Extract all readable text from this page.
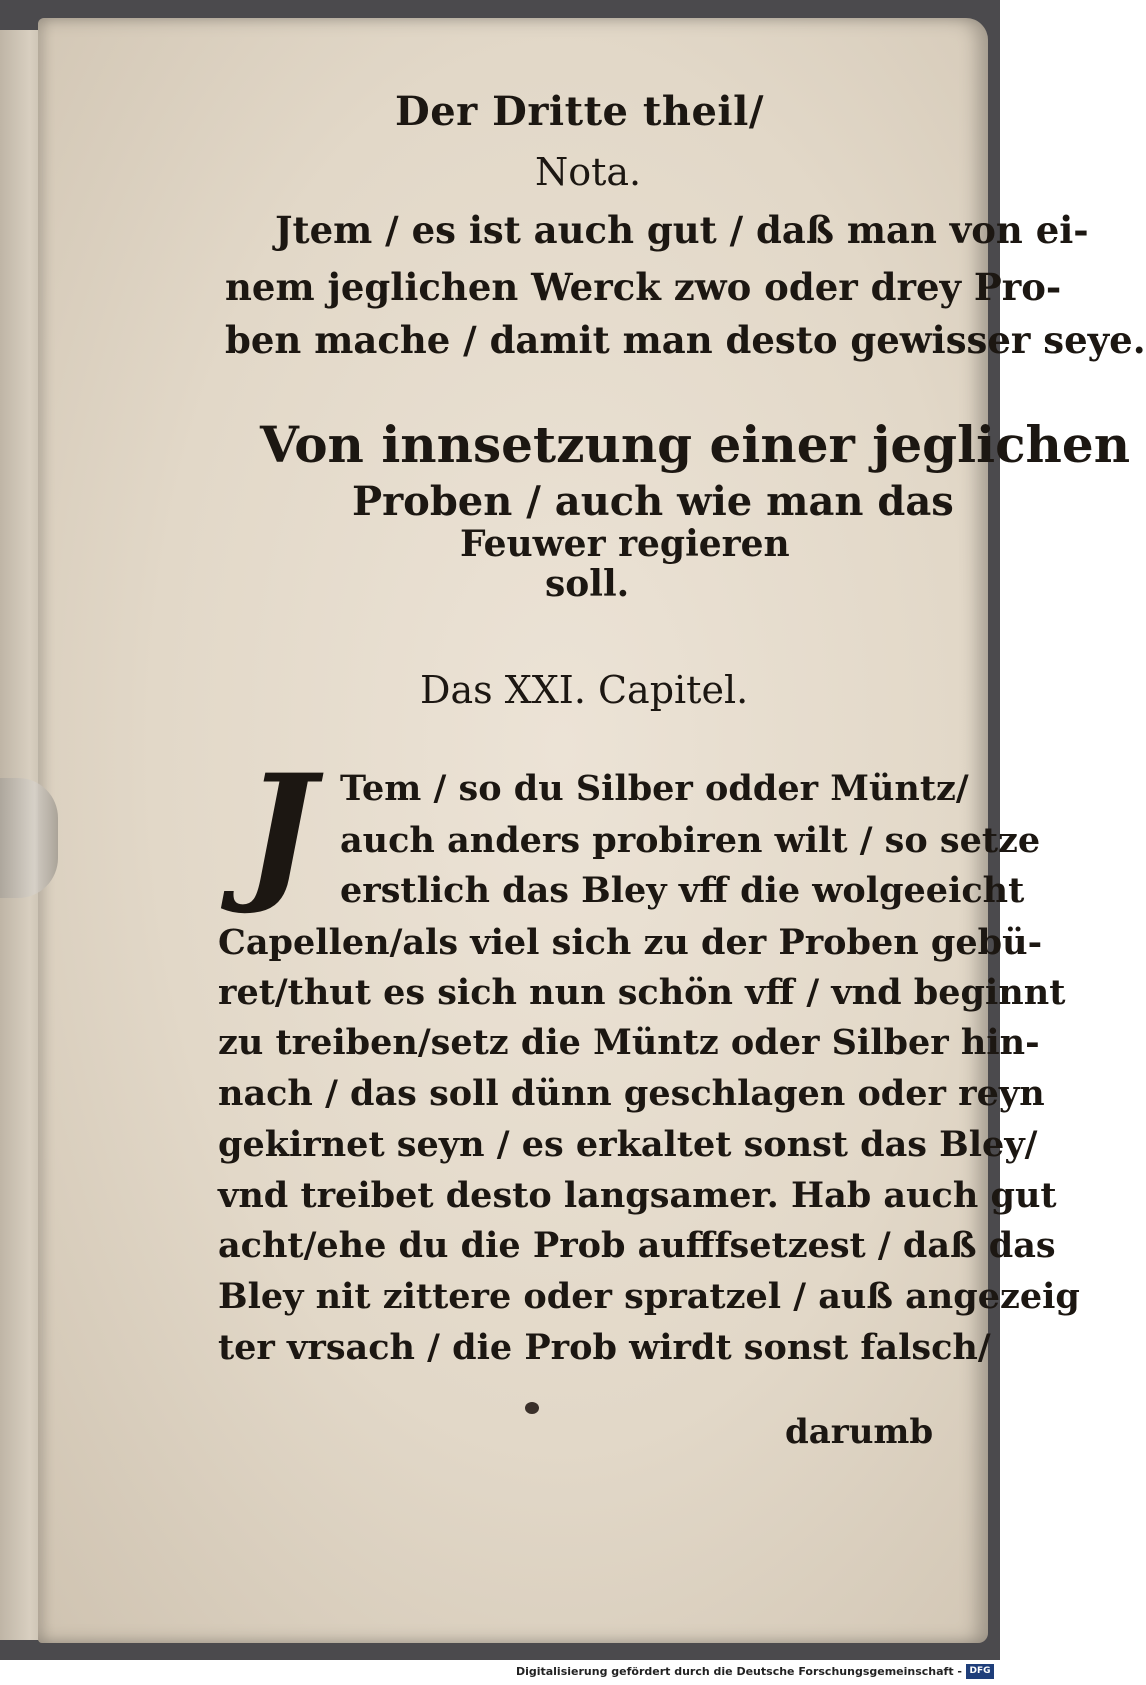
Der Dritte theil/
Nota.
Jtem / es ist auch gut / daß man von ei-
nem jeglichen Werck zwo oder drey Pro-
ben mache / damit man desto gewisser seye.
Von innsetzung einer jeglichen
Proben / auch wie man das
Feuwer regieren
soll.
Das XXI. Capitel.
J Tem / so du Silber odder Müntz/
auch anders probiren wilt / so setze
erstlich das Bley vff die wolgeeicht
Capellen/als viel sich zu der Proben gebü-
ret/thut es sich nun schön vff / vnd beginnt
zu treiben/setz die Müntz oder Silber hin-
nach / das soll dünn geschlagen oder reyn
gekirnet seyn / es erkaltet sonst das Bley/
vnd treibet desto langsamer. Hab auch gut
acht/ehe du die Prob aufffsetzest / daß das
Bley nit zittere oder spratzel / auß angezeig
ter vrsach / die Prob wirdt sonst falsch/
darumb
Digitalisierung gefördert durch die Deutsche Forschungsgemeinschaft - DFG
